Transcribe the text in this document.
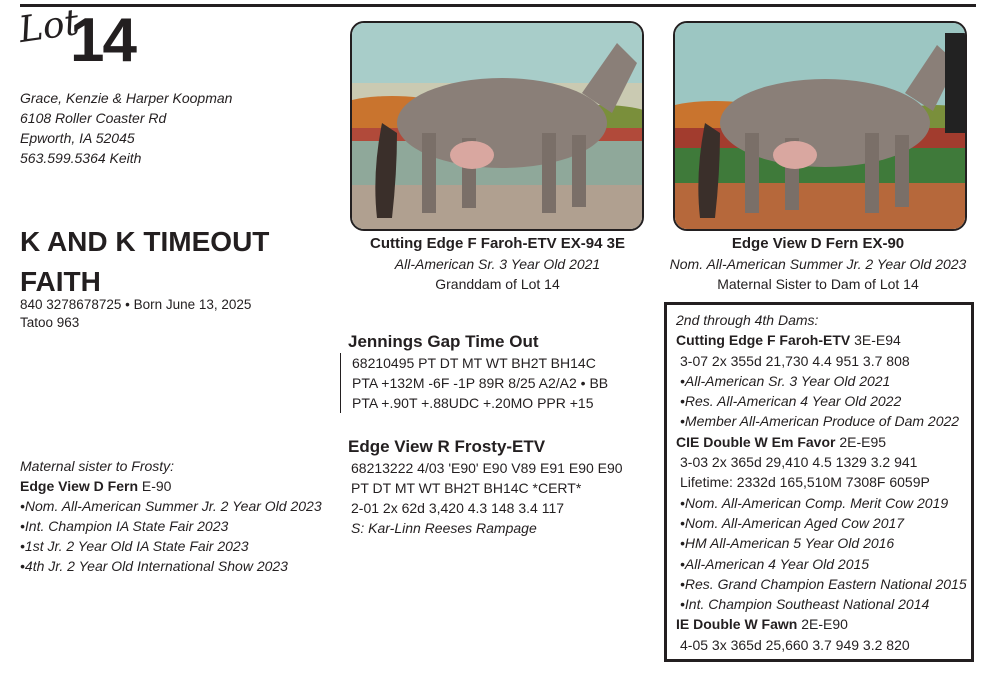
Lot
14
Grace, Kenzie & Harper Koopman
6108 Roller Coaster Rd
Epworth, IA 52045
563.599.5364 Keith
K AND K TIMEOUT FAITH
840 3278678725 • Born June 13, 2025
Tatoo 963
Maternal sister to Frosty:
Edge View D Fern E-90
•Nom. All-American Summer Jr. 2 Year Old 2023
•Int. Champion IA State Fair 2023
•1st Jr. 2 Year Old IA State Fair 2023
•4th Jr. 2 Year Old International Show 2023
Cutting Edge F Faroh-ETV EX-94 3E
All-American Sr. 3 Year Old 2021
Granddam of Lot 14
Edge View D Fern EX-90
Nom. All-American Summer Jr. 2 Year Old 2023
Maternal Sister to Dam of Lot 14
Jennings Gap Time Out
68210495 PT DT MT WT BH2T BH14C
PTA +132M -6F -1P 89R 8/25 A2/A2 • BB
PTA +.90T +.88UDC +.20MO PPR +15
Edge View R Frosty-ETV
68213222 4/03 'E90' E90 V89 E91 E90 E90
PT DT MT WT BH2T BH14C *CERT*
2-01 2x 62d 3,420 4.3 148 3.4 117
S: Kar-Linn Reeses Rampage
2nd through 4th Dams:
Cutting Edge F Faroh-ETV 3E-E94
3-07 2x 355d 21,730 4.4 951 3.7 808
•All-American Sr. 3 Year Old 2021
•Res. All-American 4 Year Old 2022
•Member All-American Produce of Dam 2022
CIE Double W Em Favor 2E-E95
3-03 2x 365d 29,410 4.5 1329 3.2 941
Lifetime: 2332d 165,510M 7308F 6059P
•Nom. All-American Comp. Merit Cow 2019
•Nom. All-American Aged Cow 2017
•HM All-American 5 Year Old 2016
•All-American 4 Year Old 2015
•Res. Grand Champion Eastern National 2015
•Int. Champion Southeast National 2014
IE Double W Fawn 2E-E90
4-05 3x 365d 25,660 3.7 949 3.2 820
